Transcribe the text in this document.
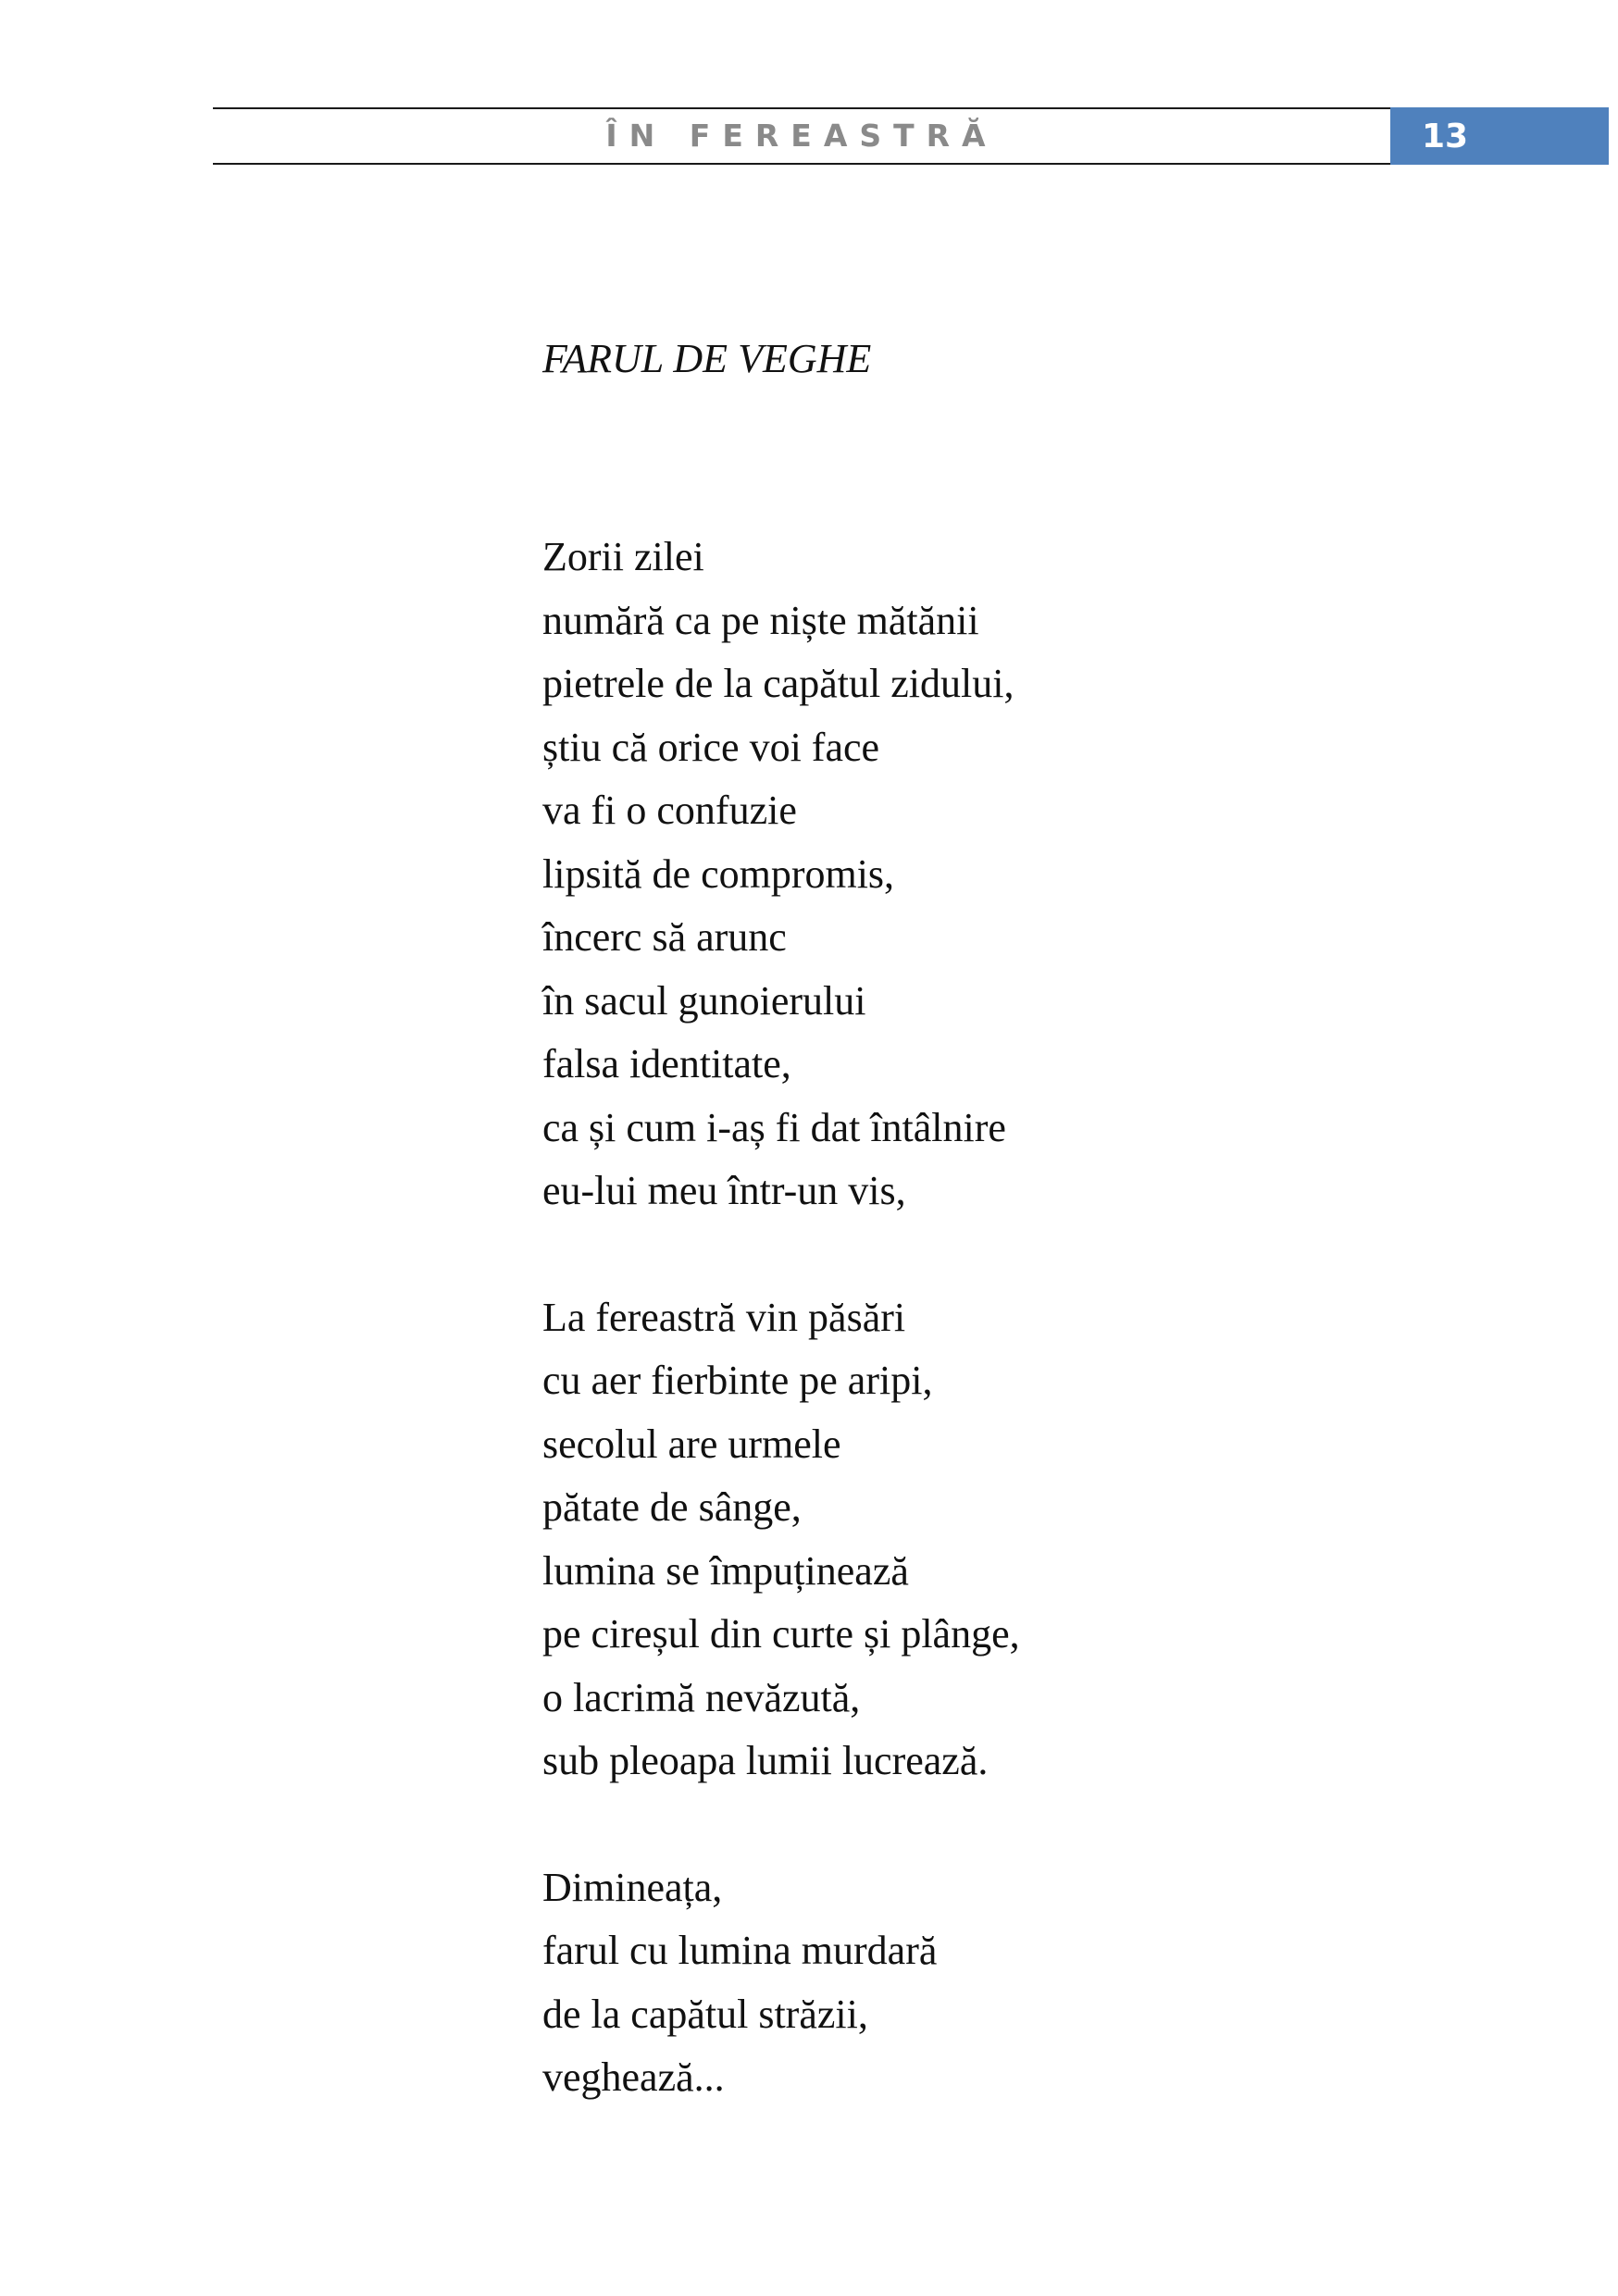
ÎN FEREASTRĂ	13
FARUL DE VEGHE
Zorii zilei
numără ca pe niște mătănii
pietrele de la capătul zidului,
știu că orice voi face
va fi o confuzie
lipsită de compromis,
încerc să arunc
în sacul gunoierului
falsa identitate,
ca și cum i-aș fi dat întâlnire
eu-lui meu într-un vis,
La fereastră vin păsări
cu aer fierbinte pe aripi,
secolul are urmele
pătate de sânge,
lumina se împuținează
pe cireșul din curte și plânge,
o lacrimă nevăzută,
sub pleoapa lumii lucrează.
Dimineața,
farul cu lumina murdară
de la capătul străzii,
veghează...
